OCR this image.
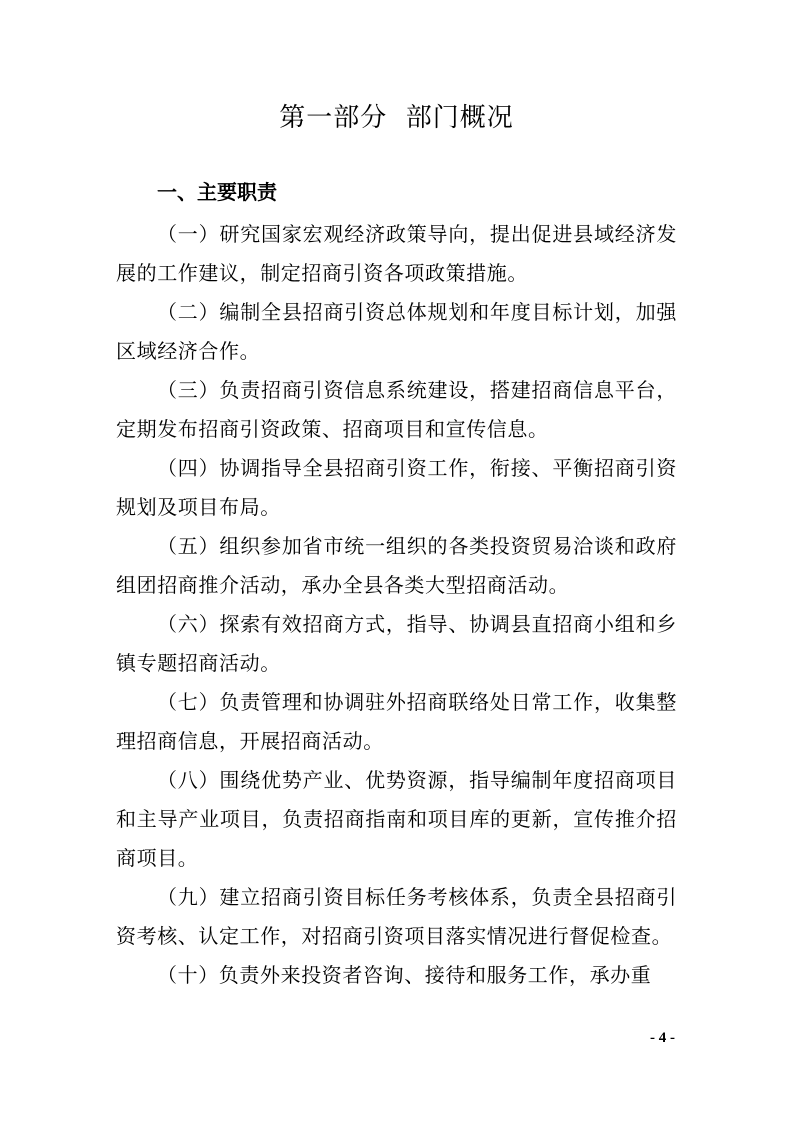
第一部分  部门概况
一、主要职责

（一）研究国家宏观经济政策导向，提出促进县域经济发展的工作建议，制定招商引资各项政策措施。

（二）编制全县招商引资总体规划和年度目标计划，加强区域经济合作。

（三）负责招商引资信息系统建设，搭建招商信息平台，定期发布招商引资政策、招商项目和宣传信息。

（四）协调指导全县招商引资工作，衔接、平衡招商引资规划及项目布局。

（五）组织参加省市统一组织的各类投资贸易洽谈和政府组团招商推介活动，承办全县各类大型招商活动。

（六）探索有效招商方式，指导、协调县直招商小组和乡镇专题招商活动。

（七）负责管理和协调驻外招商联络处日常工作，收集整理招商信息，开展招商活动。

（八）围绕优势产业、优势资源，指导编制年度招商项目和主导产业项目，负责招商指南和项目库的更新，宣传推介招商项目。

（九）建立招商引资目标任务考核体系，负责全县招商引资考核、认定工作，对招商引资项目落实情况进行督促检查。

（十）负责外来投资者咨询、接待和服务工作，承办重

- 4 -
